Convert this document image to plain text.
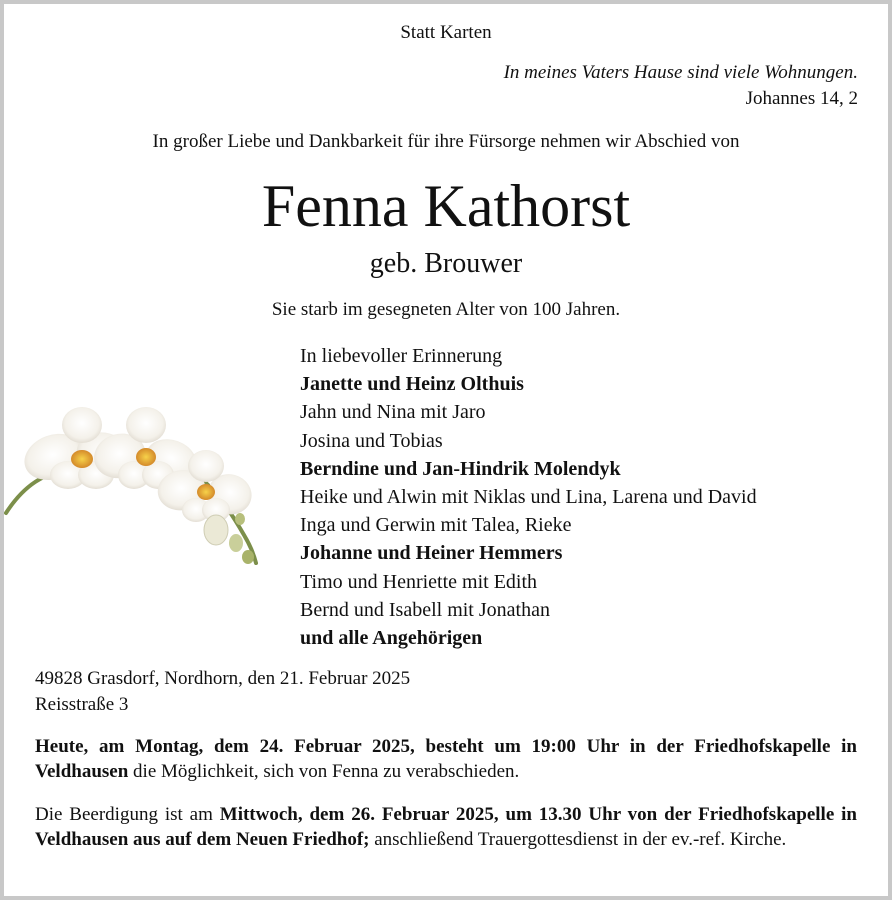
Statt Karten
In meines Vaters Hause sind viele Wohnungen.
Johannes 14, 2
In großer Liebe und Dankbarkeit für ihre Fürsorge nehmen wir Abschied von
Fenna Kathorst
geb. Brouwer
Sie starb im gesegneten Alter von 100 Jahren.
In liebevoller Erinnerung
Janette und Heinz Olthuis
Jahn und Nina mit Jaro
Josina und Tobias
Berndine und Jan-Hindrik Molendyk
Heike und Alwin mit Niklas und Lina, Larena und David
Inga und Gerwin mit Talea, Rieke
Johanne und Heiner Hemmers
Timo und Henriette mit Edith
Bernd und Isabell mit Jonathan
und alle Angehörigen
49828 Grasdorf, Nordhorn, den 21. Februar 2025
Reisstraße 3
Heute, am Montag, dem 24. Februar 2025, besteht um 19:00 Uhr in der Friedhofskapelle in Veldhausen die Möglichkeit, sich von Fenna zu verabschieden.
Die Beerdigung ist am Mittwoch, dem 26. Februar 2025, um 13.30 Uhr von der Friedhofskapelle in Veldhausen aus auf dem Neuen Friedhof; anschließend Trauergottesdienst in der ev.-ref. Kirche.
